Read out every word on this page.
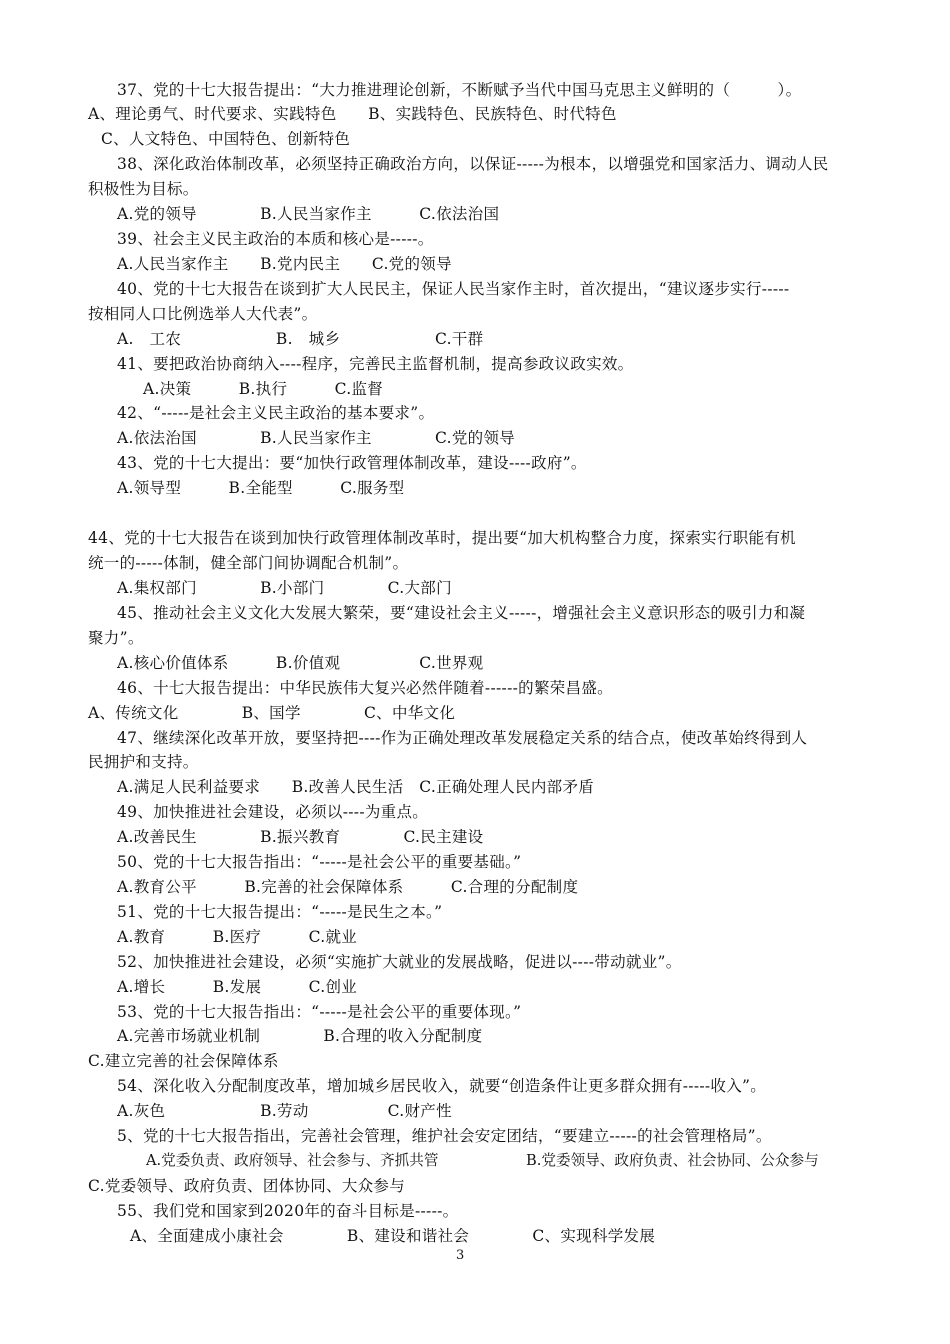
37、党的十七大报告提出：“大力推进理论创新，不断赋予当代中国马克思主义鲜明的（　　　）。
A、理论勇气、时代要求、实践特色　　B、实践特色、民族特色、时代特色
C、人文特色、中国特色、创新特色
38、深化政治体制改革，必须坚持正确政治方向，以保证-----为根本，以增强党和国家活力、调动人民
积极性为目标。
A.党的领导　　　　B.人民当家作主　　　C.依法治国
39、社会主义民主政治的本质和核心是-----。
A.人民当家作主　　B.党内民主　　C.党的领导
40、党的十七大报告在谈到扩大人民民主，保证人民当家作主时，首次提出，“建议逐步实行-----
按相同人口比例选举人大代表”。
A.　工农　　　　　　B.　城乡　　　　　　C.干群
41、要把政治协商纳入----程序，完善民主监督机制，提高参政议政实效。
A.决策　　　B.执行　　　C.监督
42、“-----是社会主义民主政治的基本要求”。
A.依法治国　　　　B.人民当家作主　　　　C.党的领导
43、党的十七大提出：要“加快行政管理体制改革，建设----政府”。
A.领导型　　　B.全能型　　　C.服务型
44、党的十七大报告在谈到加快行政管理体制改革时，提出要“加大机构整合力度，探索实行职能有机
统一的-----体制，健全部门间协调配合机制”。
A.集权部门　　　　B.小部门　　　　C.大部门
45、推动社会主义文化大发展大繁荣，要“建设社会主义-----，增强社会主义意识形态的吸引力和凝
聚力”。
A.核心价值体系　　　B.价值观　　　　　C.世界观
46、十七大报告提出：中华民族伟大复兴必然伴随着------的繁荣昌盛。
A、传统文化　　　　B、国学　　　　C、中华文化
47、继续深化改革开放，要坚持把----作为正确处理改革发展稳定关系的结合点，使改革始终得到人
民拥护和支持。
A.满足人民利益要求　　B.改善人民生活　C.正确处理人民内部矛盾
49、加快推进社会建设，必须以----为重点。
A.改善民生　　　　B.振兴教育　　　　C.民主建设
50、党的十七大报告指出：“-----是社会公平的重要基础。”
A.教育公平　　　B.完善的社会保障体系　　　C.合理的分配制度
51、党的十七大报告提出：“-----是民生之本。”
A.教育　　　B.医疗　　　C.就业
52、加快推进社会建设，必须“实施扩大就业的发展战略，促进以----带动就业”。
A.增长　　　B.发展　　　C.创业
53、党的十七大报告指出：“-----是社会公平的重要体现。”
A.完善市场就业机制　　　　B.合理的收入分配制度
C.建立完善的社会保障体系
54、深化收入分配制度改革，增加城乡居民收入，就要“创造条件让更多群众拥有-----收入”。
A.灰色　　　　　　B.劳动　　　　　C.财产性
5、党的十七大报告指出，完善社会管理，维护社会安定团结，“要建立-----的社会管理格局”。
A.党委负责、政府领导、社会参与、齐抓共管　　　　　　B.党委领导、政府负责、社会协同、公众参与
C.党委领导、政府负责、团体协同、大众参与
55、我们党和国家到2020年的奋斗目标是-----。
A、全面建成小康社会　　　　B、建设和谐社会　　　　C、实现科学发展
3
